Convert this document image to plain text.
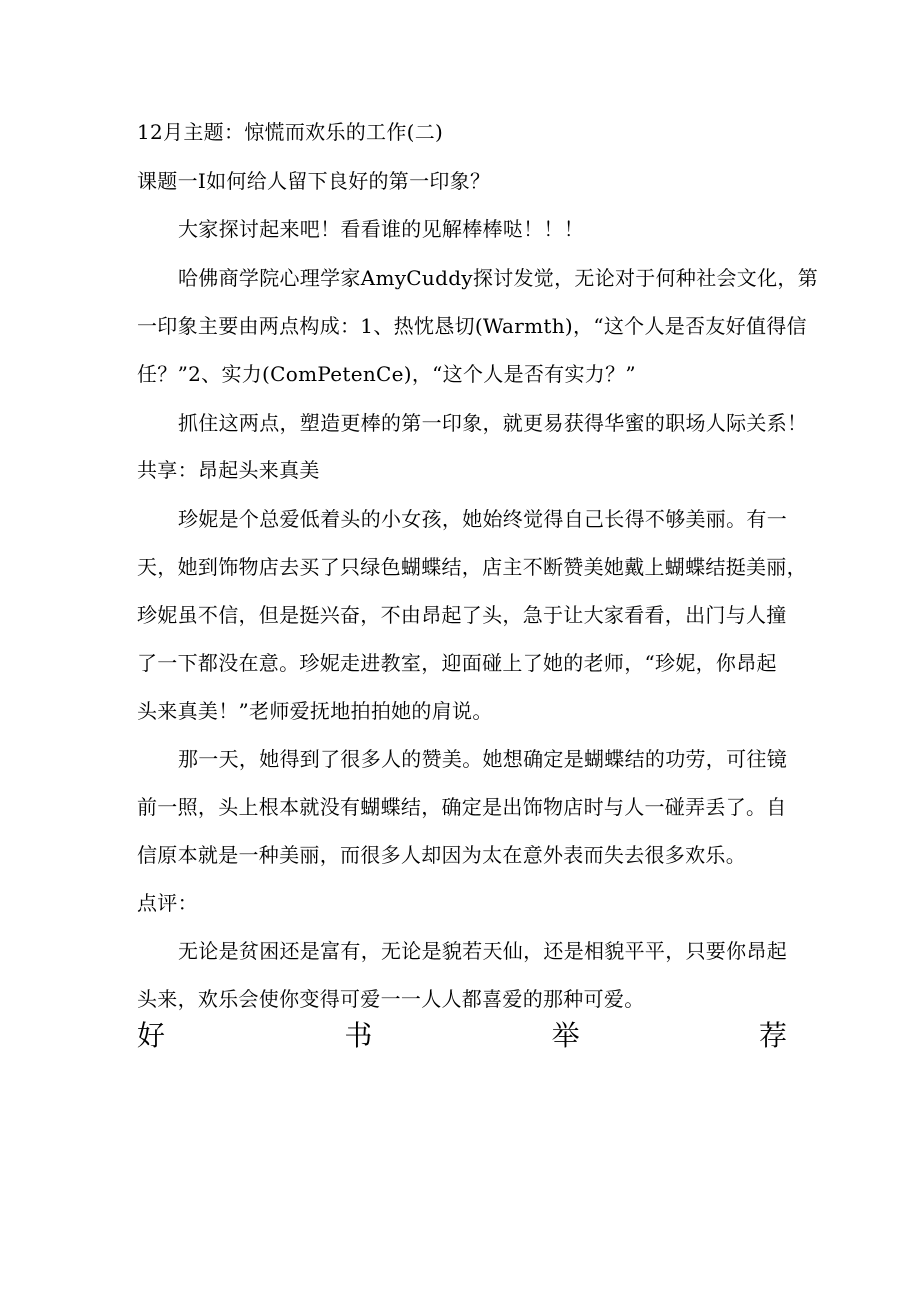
12月主题：惊慌而欢乐的工作(二)
课题一I如何给人留下良好的第一印象？
大家探讨起来吧！看看谁的见解棒棒哒！！！
哈佛商学院心理学家AmyCuddy探讨发觉，无论对于何种社会文化，第
一印象主要由两点构成：1、热忱恳切(Warmth)，“这个人是否友好值得信
任？”2、实力(ComPetenCe)，“这个人是否有实力？”
抓住这两点，塑造更棒的第一印象，就更易获得华蜜的职场人际关系！
共享：昂起头来真美
珍妮是个总爱低着头的小女孩，她始终觉得自己长得不够美丽。有一
天，她到饰物店去买了只绿色蝴蝶结，店主不断赞美她戴上蝴蝶结挺美丽，
珍妮虽不信，但是挺兴奋，不由昂起了头，急于让大家看看，出门与人撞
了一下都没在意。珍妮走进教室，迎面碰上了她的老师，“珍妮，你昂起
头来真美！”老师爱抚地拍拍她的肩说。
那一天，她得到了很多人的赞美。她想确定是蝴蝶结的功劳，可往镜
前一照，头上根本就没有蝴蝶结，确定是出饰物店时与人一碰弄丢了。自
信原本就是一种美丽，而很多人却因为太在意外表而失去很多欢乐。
点评：
无论是贫困还是富有，无论是貌若天仙，还是相貌平平，只要你昂起
头来，欢乐会使你变得可爱一一人人都喜爱的那种可爱。
好	书	举	荐
